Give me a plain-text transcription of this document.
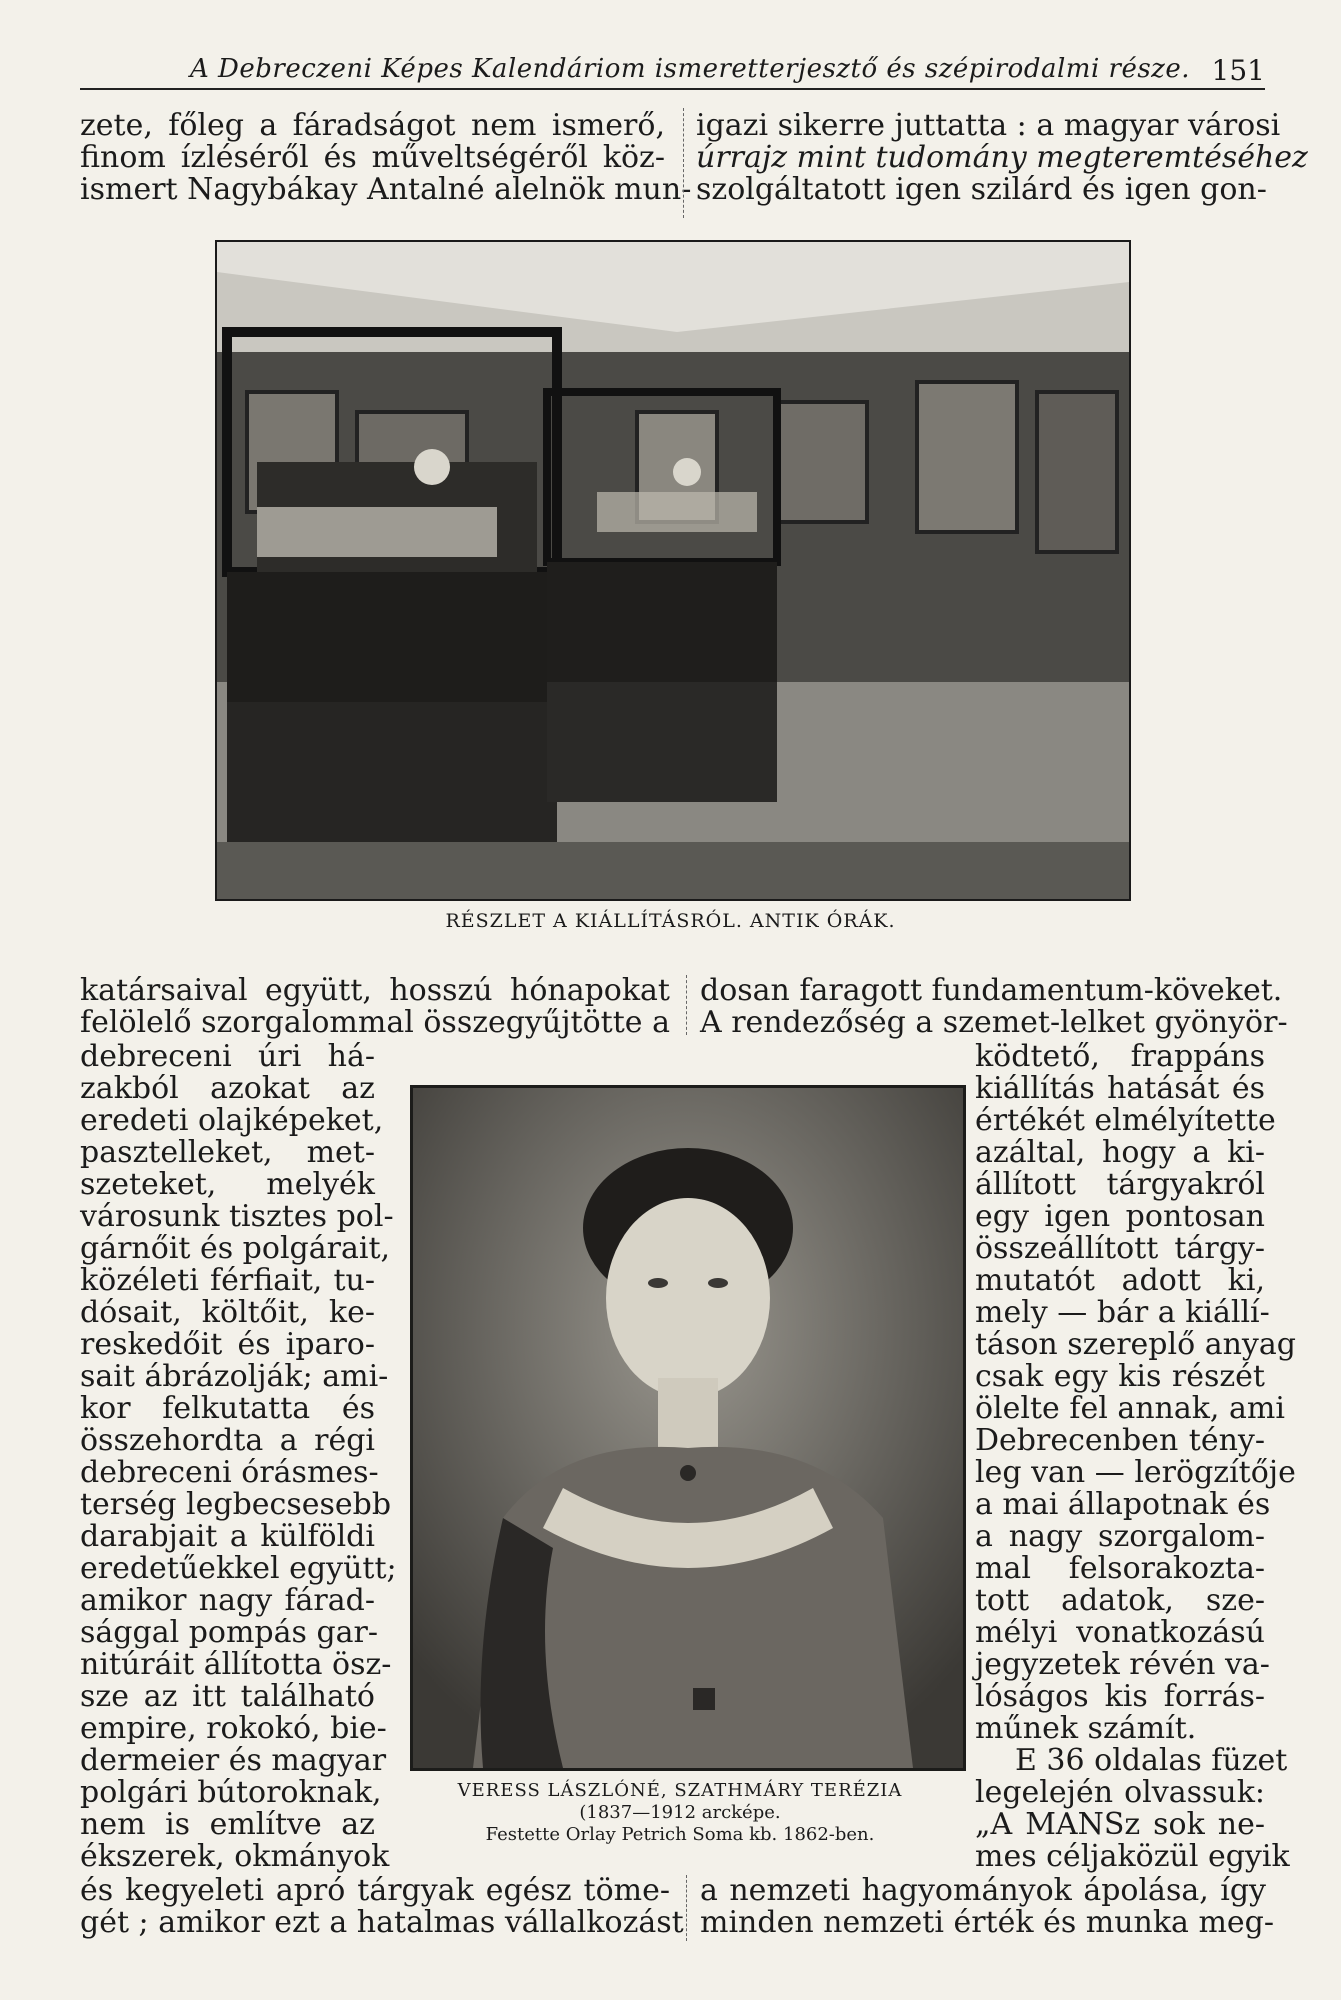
A Debreczeni Képes Kalendáriom ismeretterjesztő és szépirodalmi része. 151
zete, főleg a fáradságot nem ismerő,
finom ízléséről és műveltségéről köz-
ismert Nagybákay Antalné alelnök mun-
igazi sikerre juttatta : a magyar városi
úrrajz mint tudomány megteremtéséhez
szolgáltatott igen szilárd és igen gon-
RÉSZLET A KIÁLLÍTÁSRÓL. ANTIK ÓRÁK.
katársaival együtt, hosszú hónapokat
felölelő szorgalommal összegyűjtötte a
dosan faragott fundamentum-köveket.
A rendezőség a szemet-lelket gyönyör-
debreceni úri há-
zakból azokat az
eredeti olajképeket,
pasztelleket, met-
szeteket, melyék
városunk tisztes pol-
gárnőit és polgárait,
közéleti férfiait, tu-
dósait, költőit, ke-
reskedőit és iparo-
sait ábrázolják; ami-
kor felkutatta és
összehordta a régi
debreceni órásmes-
terség legbecsesebb
darabjait a külföldi
eredetűekkel együtt;
amikor nagy fárad-
sággal pompás gar-
nitúráit állította ösz-
sze az itt található
empire, rokokó, bie-
dermeier és magyar
polgári bútoroknak,
nem is említve az
ékszerek, okmányok
ködtető, frappáns
kiállítás hatását és
értékét elmélyítette
azáltal, hogy a ki-
állított tárgyakról
egy igen pontosan
összeállított tárgy-
mutatót adott ki,
mely — bár a kiállí-
táson szereplő anyag
csak egy kis részét
ölelte fel annak, ami
Debrecenben tény-
leg van — lerögzítője
a mai állapotnak és
a nagy szorgalom-
mal felsorakozta-
tott adatok, sze-
mélyi vonatkozású
jegyzetek révén va-
lóságos kis forrás-
műnek számít.
E 36 oldalas füzet
legelején olvassuk:
„A MANSz sok ne-
mes céljaközül egyik
VERESS LÁSZLÓNÉ, SZATHMÁRY TERÉZIA
(1837—1912 arcképe.
Festette Orlay Petrich Soma kb. 1862-ben.
és kegyeleti apró tárgyak egész töme-
gét ; amikor ezt a hatalmas vállalkozást
a nemzeti hagyományok ápolása, így
minden nemzeti érték és munka meg-
